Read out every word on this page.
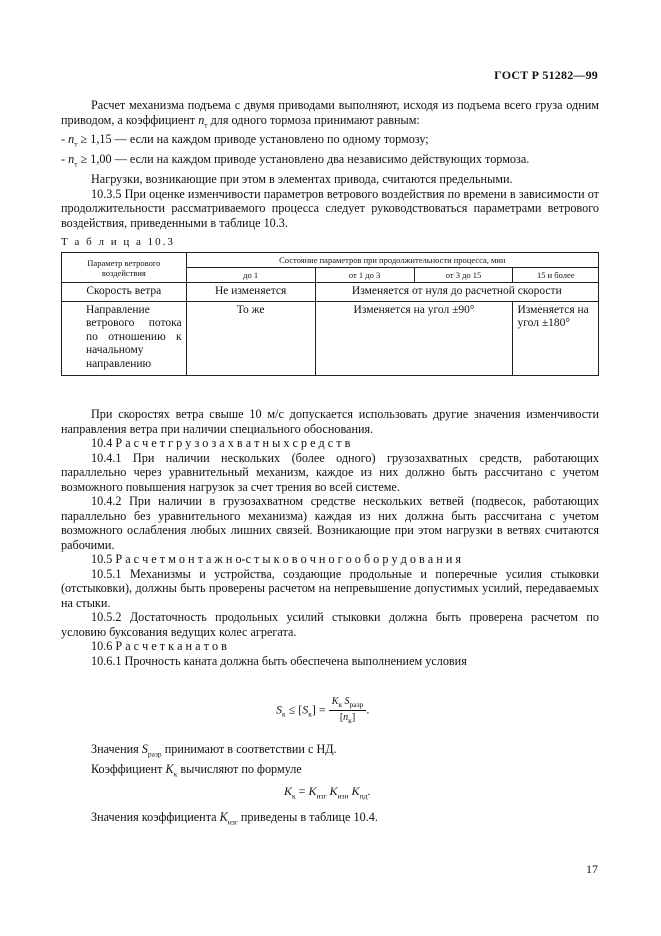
ГОСТ Р 51282—99

Расчет механизма подъема с двумя приводами выполняют, исходя из подъема всего груза одним приводом, а коэффициент $n_т$ для одного тормоза принимают равным:

- $n_т \ge 1,15$ — если на каждом приводе установлено по одному тормозу;

- $n_т \ge 1,00$ — если на каждом приводе установлено два независимо действующих тормоза.

Нагрузки, возникающие при этом в элементах привода, считаются предельными.

10.3.5 При оценке изменчивости параметров ветрового воздействия по времени в зависимости от продолжительности рассматриваемого процесса следует руководствоваться параметрами ветрового воздействия, приведенными в таблице 10.3.

Т а б л и ц а 10.3
Параметр ветрового воздействия	Состояние параметров при продолжительности процесса, мин			
	до 1	от 1 до 3	от 3 до 15	15 и более
Скорость ветра	Не изменяется	Изменяется от нуля до расчетной скорости		
Направление ветрового потока по отношению к начальному направлению	То же	Изменяется на угол ±90°		Изменяется на угол ±180°

При скоростях ветра свыше 10 м/с допускается использовать другие значения изменчивости направления ветра при наличии специального обоснования.

10.4 Р а с ч е т г р у з о з а х в а т н ы х с р е д с т в

10.4.1 При наличии нескольких (более одного) грузозахватных средств, работающих параллельно через уравнительный механизм, каждое из них должно быть рассчитано с учетом возможного повышения нагрузок за счет трения во всей системе.

10.4.2 При наличии в грузозахватном средстве нескольких ветвей (подвесок, работающих параллельно без уравнительного механизма) каждая из них должна быть рассчитана с учетом возможного ослабления любых лишних связей. Возникающие при этом нагрузки в ветвях считаются рабочими.

10.5 Р а с ч е т м о н т а ж н о-с т ы к о в о ч н о г о о б о р у д о в а н и я

10.5.1 Механизмы и устройства, создающие продольные и поперечные усилия стыковки (отстыковки), должны быть проверены расчетом на непревышение допустимых усилий, передаваемых на стыки.

10.5.2 Достаточность продольных усилий стыковки должна быть проверена расчетом по условию буксования ведущих колес агрегата.

10.6 Р а с ч е т к а н а т о в

10.6.1 Прочность каната должна быть обеспечена выполнением условия

$S_к \le [S_к] = \frac{K_к S_{разр}}{[n_к]}$ .

Значения $S_{разр}$ принимают в соответствии с НД.

Коэффициент $K_к$ вычисляют по формуле

$K_к = K_{изг}$ $K_{изн}$ $K_{пд}$.

Значения коэффициента $K_{изг}$ приведены в таблице 10.4.

17
